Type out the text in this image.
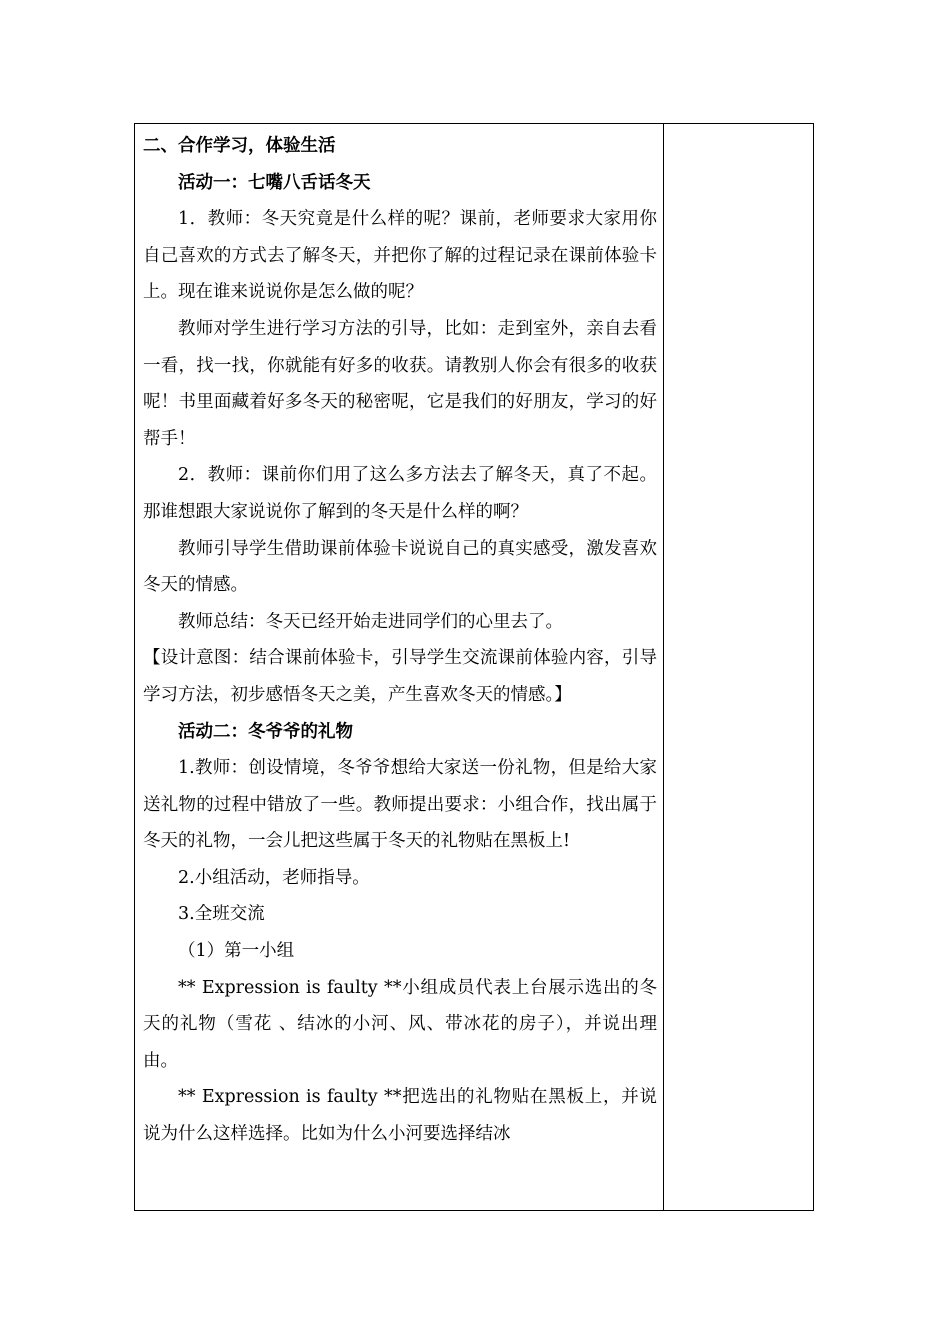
二、合作学习，体验生活

活动一：七嘴八舌话冬天

1．教师：冬天究竟是什么样的呢？课前，老师要求大家用你自己喜欢的方式去了解冬天，并把你了解的过程记录在课前体验卡上。现在谁来说说你是怎么做的呢？

教师对学生进行学习方法的引导，比如：走到室外，亲自去看一看，找一找，你就能有好多的收获。请教别人你会有很多的收获呢！书里面藏着好多冬天的秘密呢，它是我们的好朋友，学习的好帮手！

2．教师：课前你们用了这么多方法去了解冬天，真了不起。那谁想跟大家说说你了解到的冬天是什么样的啊？

教师引导学生借助课前体验卡说说自己的真实感受，激发喜欢冬天的情感。

教师总结：冬天已经开始走进同学们的心里去了。

【设计意图：结合课前体验卡，引导学生交流课前体验内容，引导学习方法，初步感悟冬天之美，产生喜欢冬天的情感。】

活动二：冬爷爷的礼物

1.教师：创设情境，冬爷爷想给大家送一份礼物，但是给大家送礼物的过程中错放了一些。教师提出要求：小组合作，找出属于冬天的礼物，一会儿把这些属于冬天的礼物贴在黑板上!

2.小组活动，老师指导。

3.全班交流

（1）第一小组

** Expression is faulty **小组成员代表上台展示选出的冬天的礼物（雪花 、结冰的小河、风、带冰花的房子），并说出理由。

** Expression is faulty **把选出的礼物贴在黑板上，并说说为什么这样选择。比如为什么小河要选择结冰
